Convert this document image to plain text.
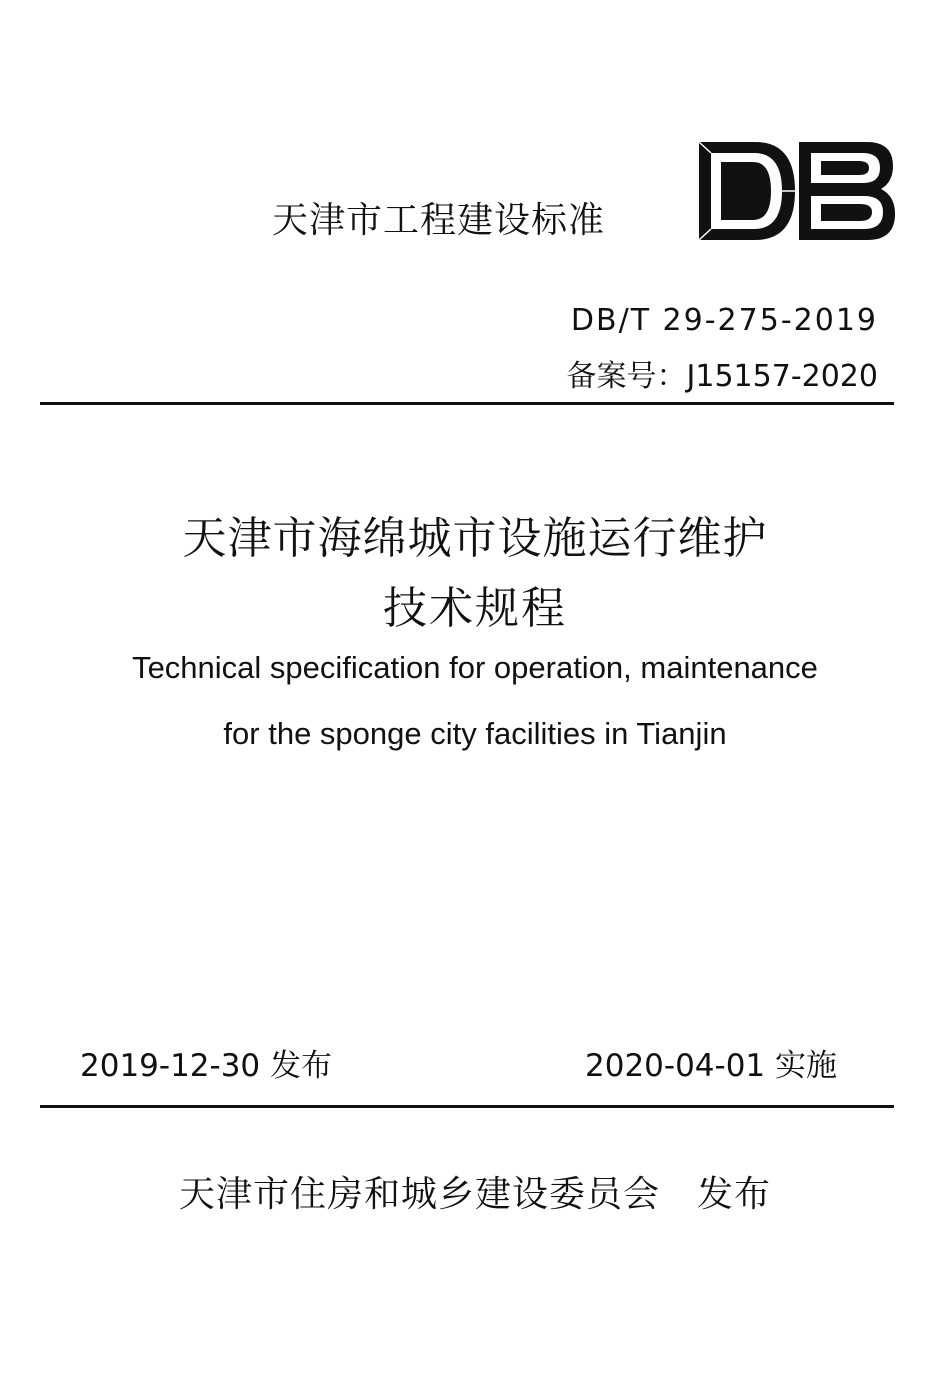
天津市工程建设标准
DB/T 29-275-2019
备案号：J15157-2020
天津市海绵城市设施运行维护
技术规程
Technical specification for operation, maintenance
for the sponge city facilities in Tianjin
2019-12-30 发布	2020-04-01 实施
天津市住房和城乡建设委员会　发布
